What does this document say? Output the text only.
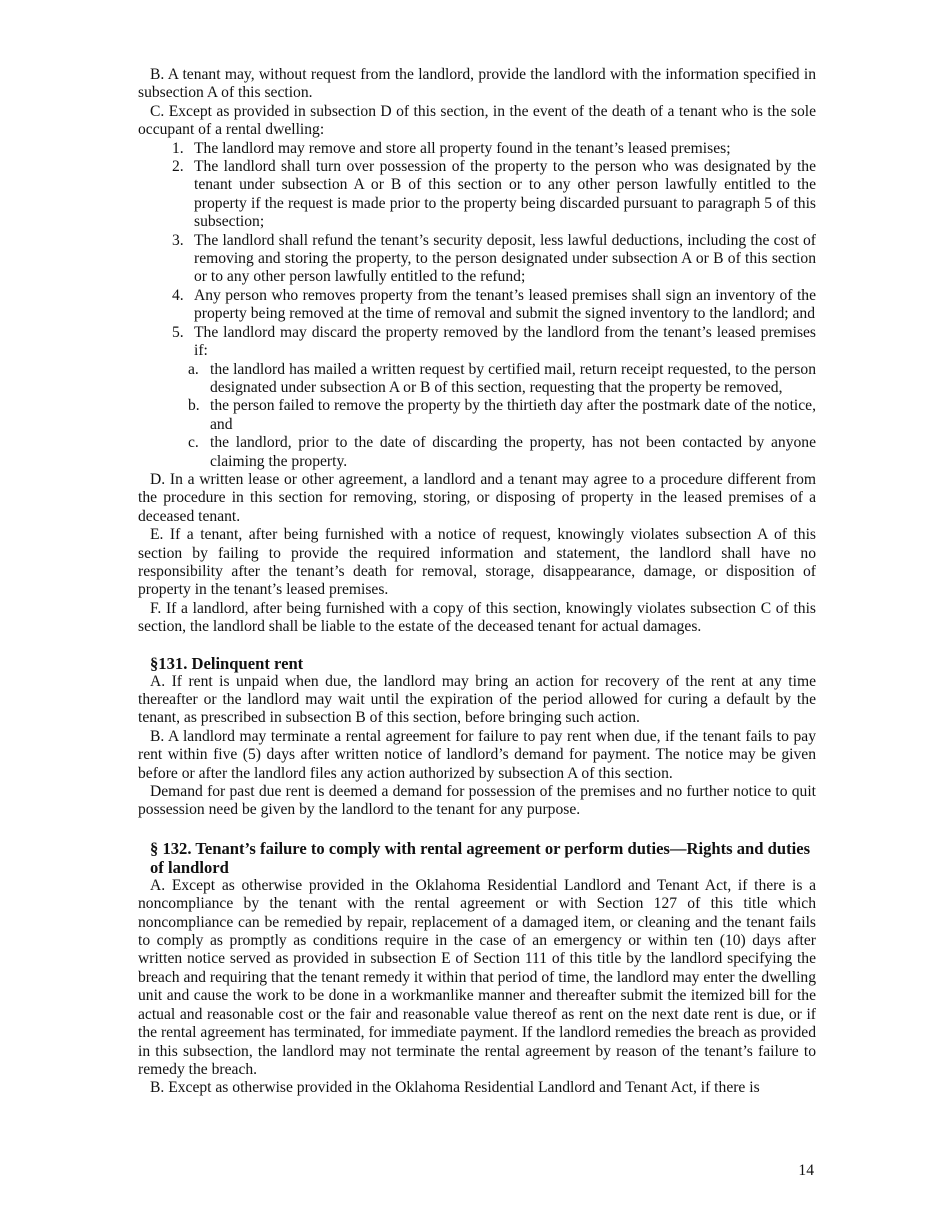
B. A tenant may, without request from the landlord, provide the landlord with the information specified in subsection A of this section.

C. Except as provided in subsection D of this section, in the event of the death of a tenant who is the sole occupant of a rental dwelling:

1. The landlord may remove and store all property found in the tenant’s leased premises;
2. The landlord shall turn over possession of the property to the person who was designated by the tenant under subsection A or B of this section or to any other person lawfully entitled to the property if the request is made prior to the property being discarded pursuant to paragraph 5 of this subsection;
3. The landlord shall refund the tenant’s security deposit, less lawful deductions, including the cost of removing and storing the property, to the person designated under subsection A or B of this section or to any other person lawfully entitled to the refund;
4. Any person who removes property from the tenant’s leased premises shall sign an inventory of the property being removed at the time of removal and submit the signed inventory to the landlord; and
5. The landlord may discard the property removed by the landlord from the tenant’s leased premises if:
a. the landlord has mailed a written request by certified mail, return receipt requested, to the person designated under subsection A or B of this section, requesting that the property be removed,
b. the person failed to remove the property by the thirtieth day after the postmark date of the notice, and
c. the landlord, prior to the date of discarding the property, has not been contacted by anyone claiming the property.

D. In a written lease or other agreement, a landlord and a tenant may agree to a procedure different from the procedure in this section for removing, storing, or disposing of property in the leased premises of a deceased tenant.

E. If a tenant, after being furnished with a notice of request, knowingly violates subsection A of this section by failing to provide the required information and statement, the landlord shall have no responsibility after the tenant’s death for removal, storage, disappearance, damage, or disposition of property in the tenant’s leased premises.

F. If a landlord, after being furnished with a copy of this section, knowingly violates subsection C of this section, the landlord shall be liable to the estate of the deceased tenant for actual damages.

§131. Delinquent rent

A. If rent is unpaid when due, the landlord may bring an action for recovery of the rent at any time thereafter or the landlord may wait until the expiration of the period allowed for curing a default by the tenant, as prescribed in subsection B of this section, before bringing such action.

B. A landlord may terminate a rental agreement for failure to pay rent when due, if the tenant fails to pay rent within five (5) days after written notice of landlord’s demand for payment. The notice may be given before or after the landlord files any action authorized by subsection A of this section.

Demand for past due rent is deemed a demand for possession of the premises and no further notice to quit possession need be given by the landlord to the tenant for any purpose.

§ 132. Tenant’s failure to comply with rental agreement or perform duties—Rights and duties of landlord

A. Except as otherwise provided in the Oklahoma Residential Landlord and Tenant Act, if there is a noncompliance by the tenant with the rental agreement or with Section 127 of this title which noncompliance can be remedied by repair, replacement of a damaged item, or cleaning and the tenant fails to comply as promptly as conditions require in the case of an emergency or within ten (10) days after written notice served as provided in subsection E of Section 111 of this title by the landlord specifying the breach and requiring that the tenant remedy it within that period of time, the landlord may enter the dwelling unit and cause the work to be done in a workmanlike manner and thereafter submit the itemized bill for the actual and reasonable cost or the fair and reasonable value thereof as rent on the next date rent is due, or if the rental agreement has terminated, for immediate payment. If the landlord remedies the breach as provided in this subsection, the landlord may not terminate the rental agreement by reason of the tenant’s failure to remedy the breach.

B. Except as otherwise provided in the Oklahoma Residential Landlord and Tenant Act, if there is

14
